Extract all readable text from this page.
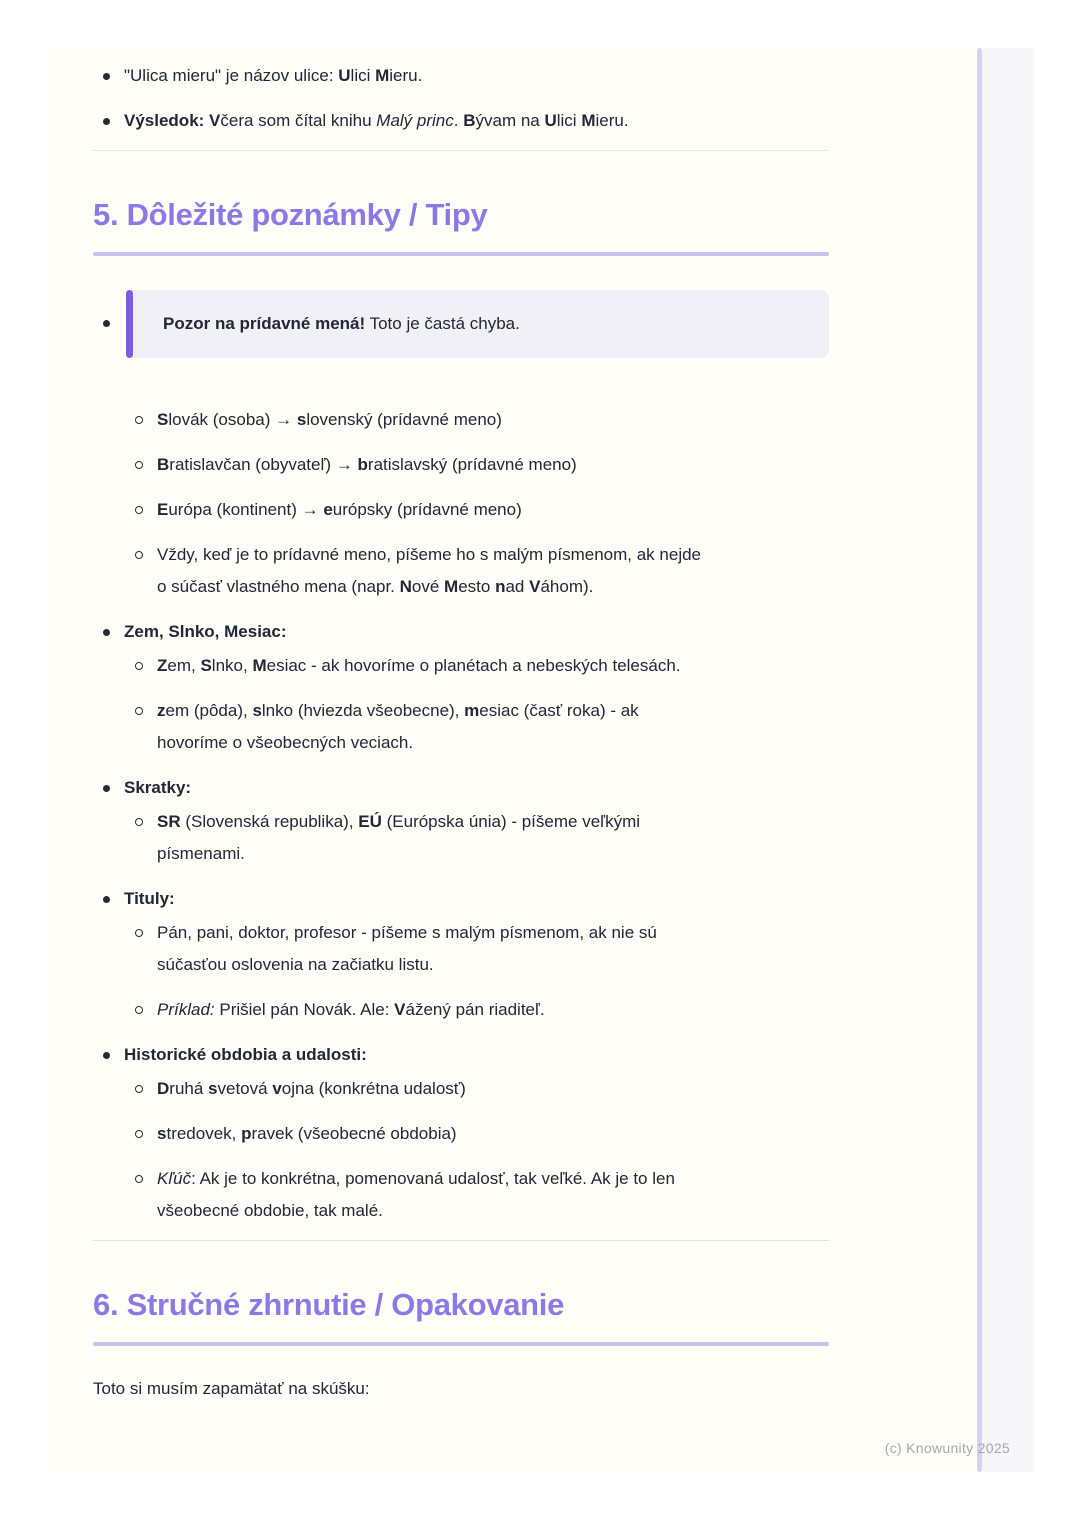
"Ulica mieru" je názov ulice: Ulici Mieru.
Výsledok: Včera som čítal knihu Malý princ. Bývam na Ulici Mieru.
5. Dôležité poznámky / Tipy
Pozor na prídavné mená! Toto je častá chyba.
Slovák (osoba) → slovenský (prídavné meno)
Bratislavčan (obyvateľ) → bratislavský (prídavné meno)
Európa (kontinent) → európsky (prídavné meno)
Vždy, keď je to prídavné meno, píšeme ho s malým písmenom, ak nejde
o súčasť vlastného mena (napr. Nové Mesto nad Váhom).
Zem, Slnko, Mesiac:
Zem, Slnko, Mesiac - ak hovoríme o planétach a nebeských telesách.
zem (pôda), slnko (hviezda všeobecne), mesiac (časť roka) - ak
hovoríme o všeobecných veciach.
Skratky:
SR (Slovenská republika), EÚ (Európska únia) - píšeme veľkými
písmenami.
Tituly:
Pán, pani, doktor, profesor - píšeme s malým písmenom, ak nie sú
súčasťou oslovenia na začiatku listu.
Príklad: Prišiel pán Novák. Ale: Vážený pán riaditeľ.
Historické obdobia a udalosti:
Druhá svetová vojna (konkrétna udalosť)
stredovek, pravek (všeobecné obdobia)
Kľúč: Ak je to konkrétna, pomenovaná udalosť, tak veľké. Ak je to len
všeobecné obdobie, tak malé.
6. Stručné zhrnutie / Opakovanie

Toto si musím zapamätať na skúšku:

(c) Knowunity 2025
